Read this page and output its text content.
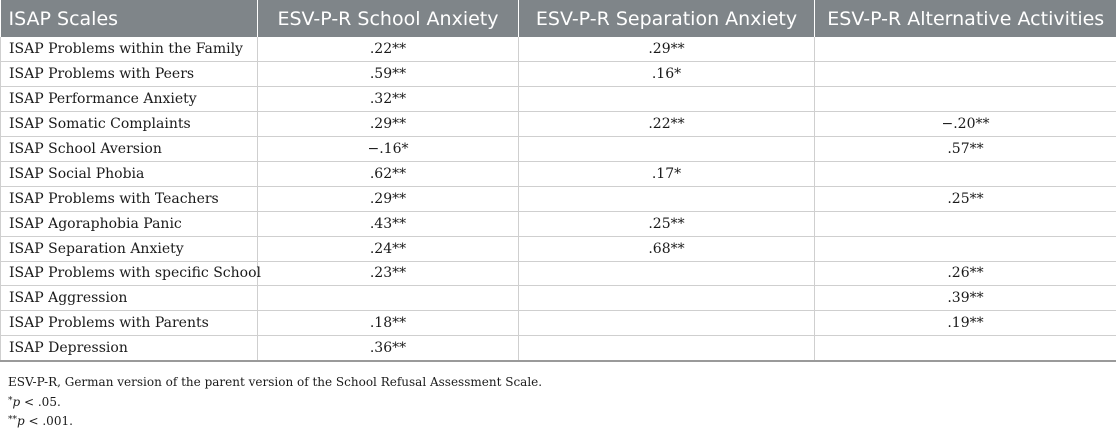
ISAP Scales	ESV-P-R School Anxiety	ESV-P-R Separation Anxiety	ESV-P-R Alternative Activities
ISAP Problems within the Family	.22**	.29**	
ISAP Problems with Peers	.59**	.16*	
ISAP Performance Anxiety	.32**		
ISAP Somatic Complaints	.29**	.22**	−.20**
ISAP School Aversion	−.16*		.57**
ISAP Social Phobia	.62**	.17*	
ISAP Problems with Teachers	.29**		.25**
ISAP Agoraphobia Panic	.43**	.25**	
ISAP Separation Anxiety	.24**	.68**	
ISAP Problems with specific School	.23**		.26**
ISAP Aggression			.39**
ISAP Problems with Parents	.18**		.19**
ISAP Depression	.36**		
ESV-P-R, German version of the parent version of the School Refusal Assessment Scale.
*p < .05.
**p < .001.
